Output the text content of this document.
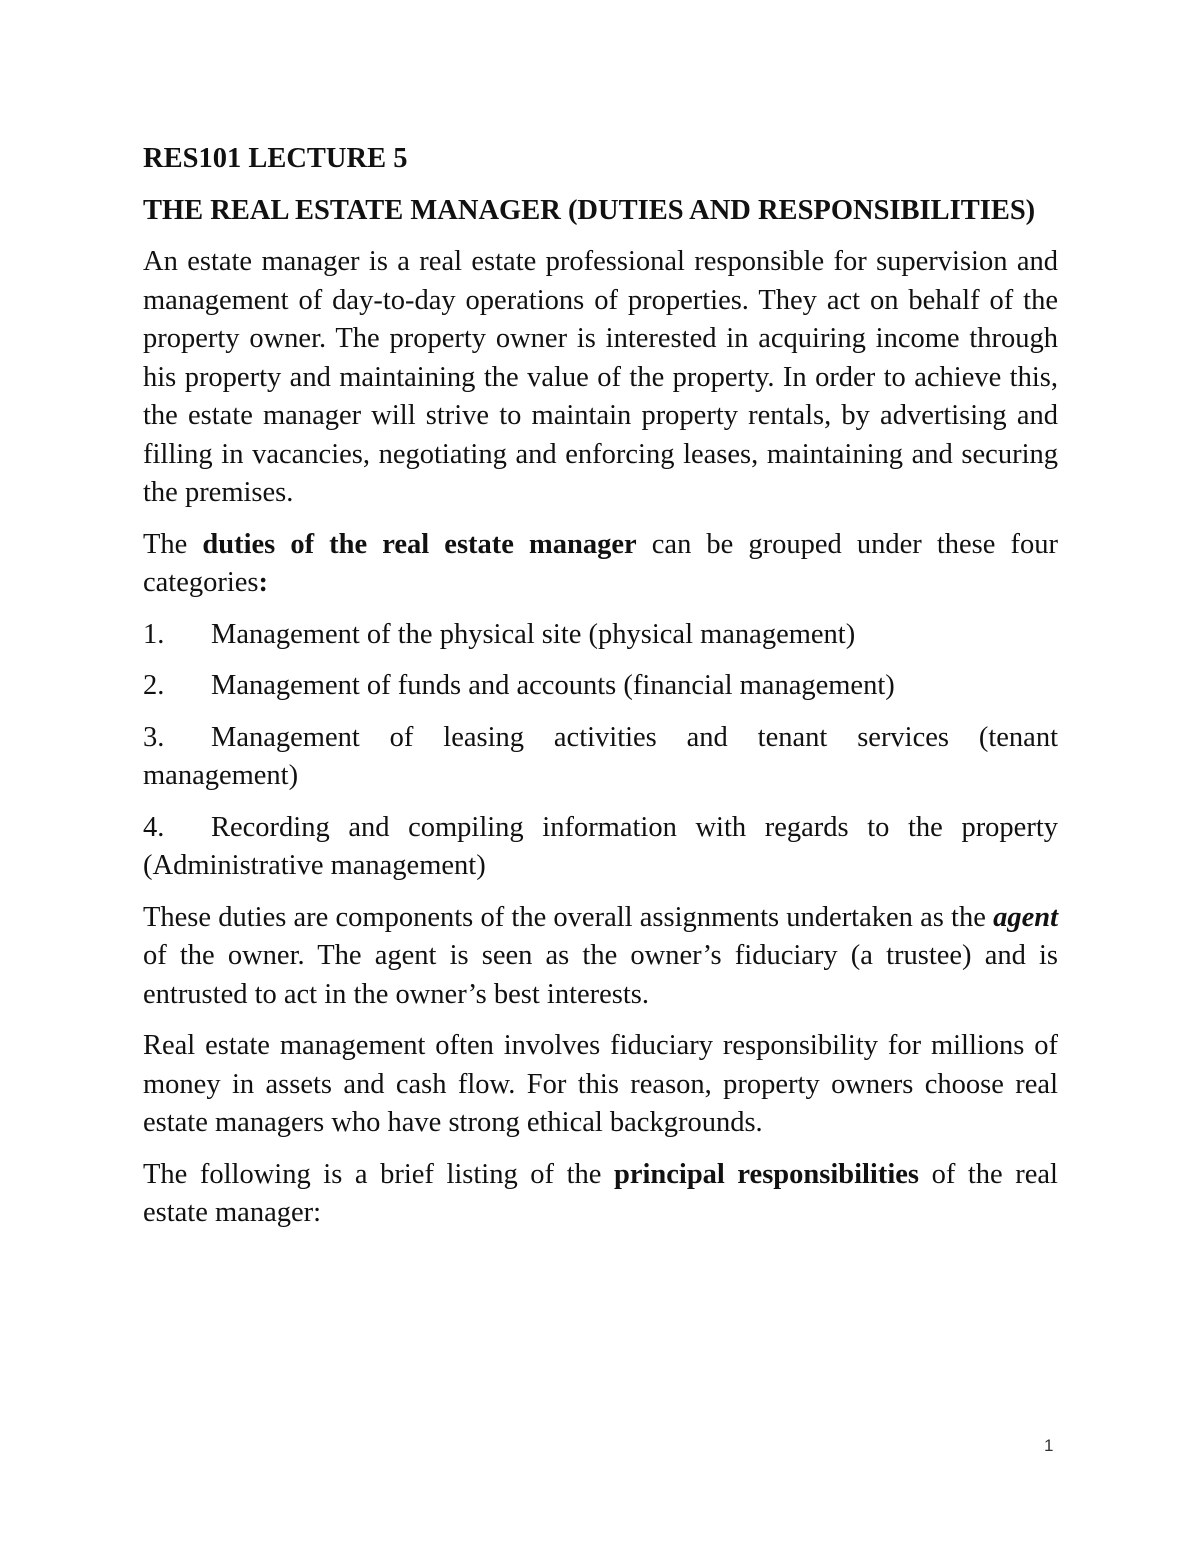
RES101 LECTURE 5
THE REAL ESTATE MANAGER (DUTIES AND RESPONSIBILITIES)

An estate manager is a real estate professional responsible for supervision and management of day-to-day operations of properties. They act on behalf of the property owner. The property owner is interested in acquiring income through his property and maintaining the value of the property. In order to achieve this, the estate manager will strive to maintain property rentals, by advertising and filling in vacancies, negotiating and enforcing leases, maintaining and securing the premises.

The duties of the real estate manager can be grouped under these four categories:

1.	Management of the physical site (physical management)
2.	Management of funds and accounts (financial management)
3. Management of leasing activities and tenant services (tenant management)
4. Recording and compiling information with regards to the property (Administrative management)

These duties are components of the overall assignments undertaken as the agent of the owner. The agent is seen as the owner’s fiduciary (a trustee) and is entrusted to act in the owner’s best interests.

Real estate management often involves fiduciary responsibility for millions of money in assets and cash flow. For this reason, property owners choose real estate managers who have strong ethical backgrounds.

The following is a brief listing of the principal responsibilities of the real estate manager:

1
